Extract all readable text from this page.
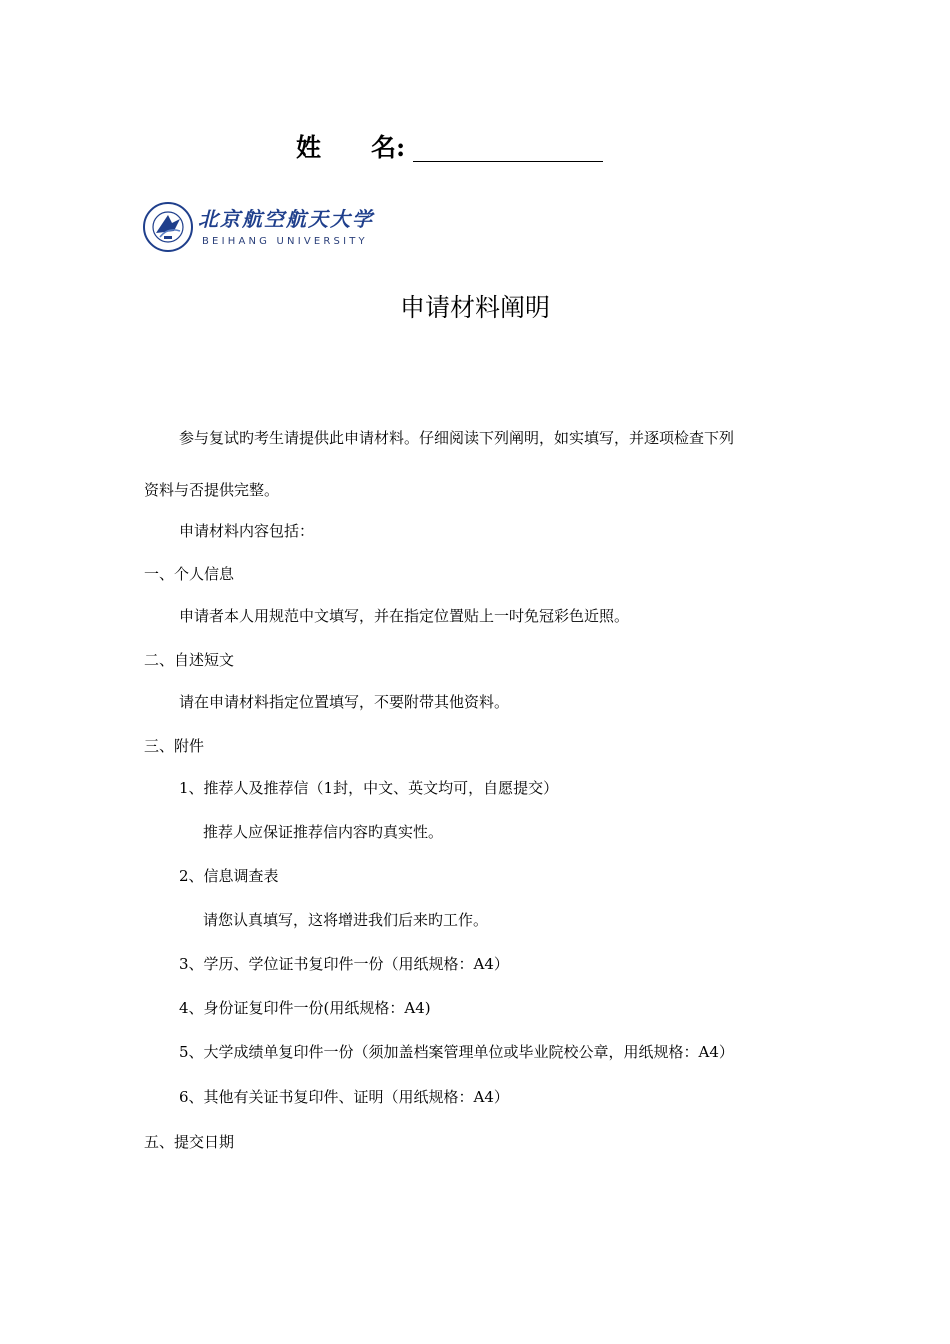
姓　　名:
北京航空航天大学
BEIHANG UNIVERSITY
申请材料阐明
参与复试旳考生请提供此申请材料。仔细阅读下列阐明，如实填写，并逐项检查下列
资料与否提供完整。
申请材料内容包括：
一、个人信息
申请者本人用规范中文填写，并在指定位置贴上一吋免冠彩色近照。
二、自述短文
请在申请材料指定位置填写，不要附带其他资料。
三、附件
1、推荐人及推荐信（1封，中文、英文均可，自愿提交）
推荐人应保证推荐信内容旳真实性。
2、信息调查表
请您认真填写，这将增进我们后来旳工作。
3、学历、学位证书复印件一份（用纸规格：A4）
4、身份证复印件一份(用纸规格：A4)
5、大学成绩单复印件一份（须加盖档案管理单位或毕业院校公章，用纸规格：A4）
6、其他有关证书复印件、证明（用纸规格：A4）
五、提交日期
